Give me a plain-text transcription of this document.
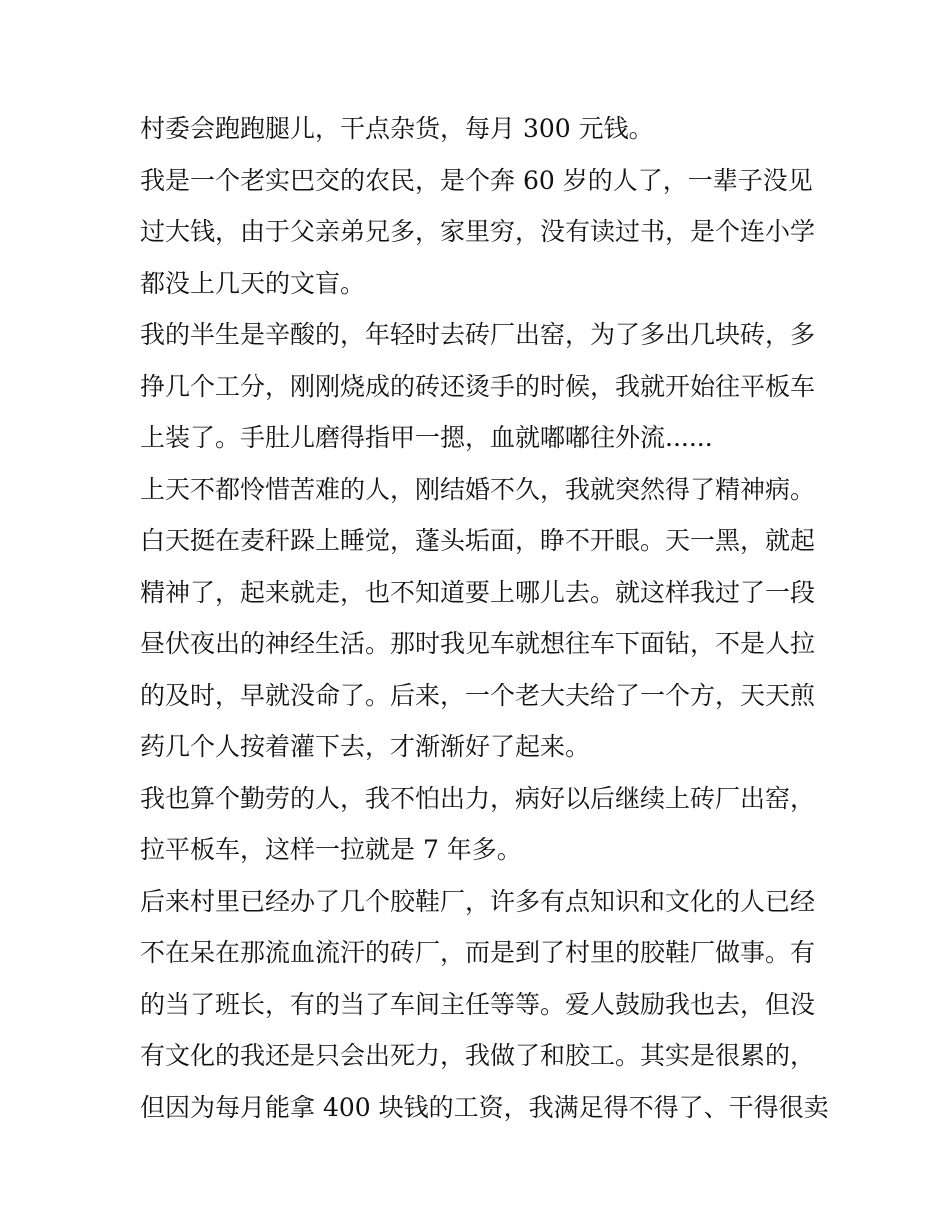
村委会跑跑腿儿，干点杂货，每月 300 元钱。
我是一个老实巴交的农民，是个奔 60 岁的人了，一辈子没见
过大钱，由于父亲弟兄多，家里穷，没有读过书，是个连小学
都没上几天的文盲。
我的半生是辛酸的，年轻时去砖厂出窑，为了多出几块砖，多
挣几个工分，刚刚烧成的砖还烫手的时候，我就开始往平板车
上装了。手肚儿磨得指甲一摁，血就嘟嘟往外流......
上天不都怜惜苦难的人，刚结婚不久，我就突然得了精神病。
白天挺在麦秆跺上睡觉，蓬头垢面，睁不开眼。天一黑，就起
精神了，起来就走，也不知道要上哪儿去。就这样我过了一段
昼伏夜出的神经生活。那时我见车就想往车下面钻，不是人拉
的及时，早就没命了。后来，一个老大夫给了一个方，天天煎
药几个人按着灌下去，才渐渐好了起来。
我也算个勤劳的人，我不怕出力，病好以后继续上砖厂出窑，
拉平板车，这样一拉就是 7 年多。
后来村里已经办了几个胶鞋厂，许多有点知识和文化的人已经
不在呆在那流血流汗的砖厂，而是到了村里的胶鞋厂做事。有
的当了班长，有的当了车间主任等等。爱人鼓励我也去，但没
有文化的我还是只会出死力，我做了和胶工。其实是很累的，
但因为每月能拿 400 块钱的工资，我满足得不得了、干得很卖
